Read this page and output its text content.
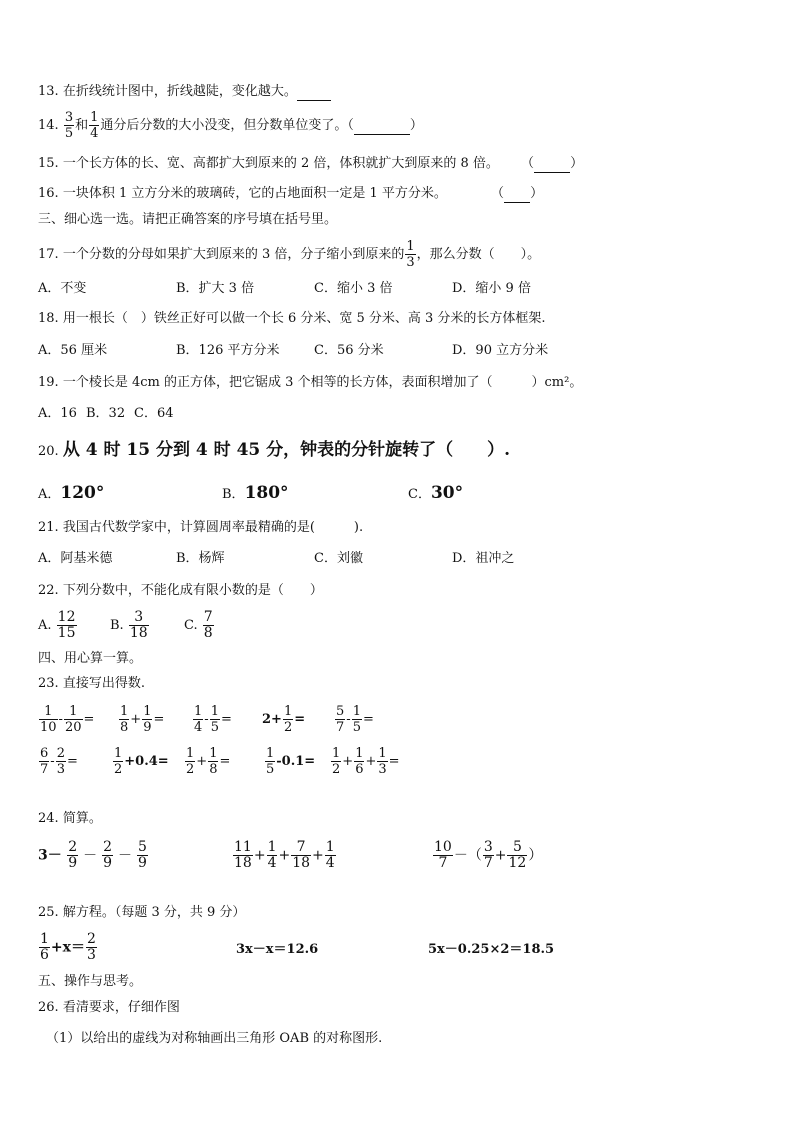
13. 在折线统计图中，折线越陡，变化越大。
14. $\frac{3}{5}$ 和 $\frac{1}{4}$ 通分后分数的大小没变，但分数单位变了。（	）
15. 一个长方体的长、宽、高都扩大到原来的 2 倍，体积就扩大到原来的 8 倍。 （	）
16. 一块体积 1 立方分米的玻璃砖，它的占地面积一定是 1 平方分米。	（ ）
三、细心选一选。请把正确答案的序号填在括号里。
17. 一个分数的分母如果扩大到原来的 3 倍，分子缩小到原来的 $\frac{1}{3}$ ，那么分数（　　）。
A．不变	B．扩大 3 倍	C．缩小 3 倍	D．缩小 9 倍
18. 用一根长（　）铁丝正好可以做一个长 6 分米、宽 5 分米、高 3 分米的长方体框架.
A．56 厘米	B．126 平方分米	C．56 分米	D．90 立方分米
19. 一个棱长是 4cm 的正方体，把它锯成 3 个相等的长方体，表面积增加了（　　　）cm²。
A．16 B．32 C．64
20. 从 4 时 15 分到 4 时 45 分，钟表的分针旋转了（　　）.
A．120°	B．180°	C．30°
21. 我国古代数学家中，计算圆周率最精确的是(　　　).
A．阿基米德	B．杨辉	C．刘徽	D．祖冲之
22. 下列分数中，不能化成有限小数的是（　　）
A. $\frac{12}{15}$	B. $\frac{3}{18}$	C. $\frac{7}{8}$
四、用心算一算。
23. 直接写出得数.
$\frac{1}{10} - \frac{1}{20} = \frac{1}{8} + \frac{1}{9} = \frac{1}{4} - \frac{1}{5} = 2+ \frac{1}{2} = \frac{5}{7} - \frac{1}{5}$ =
$\frac{6}{7} - \frac{2}{3}$ =	$\frac{1}{2} +0.4= \frac{1}{2} + \frac{1}{8}$ =	$\frac{1}{5} -0.1= \frac{1}{2} + \frac{1}{6} + \frac{1}{3}$ =
24. 简算。
$3- \frac{2}{9} - \frac{2}{9} - \frac{5}{9}$	$\frac{11}{18} + \frac{1}{4} + \frac{7}{18} + \frac{1}{4}$	$\frac{10}{7}$ －（ $\frac{3}{7} + \frac{5}{12}$ ）
25. 解方程。（每题 3 分，共 9 分）
$\frac{1}{6} +x= \frac{2}{3}$	3x－x＝12.6	5x－0.25×2＝18.5
五、操作与思考。
26. 看清要求，仔细作图
（1）以给出的虚线为对称轴画出三角形 OAB 的对称图形.
